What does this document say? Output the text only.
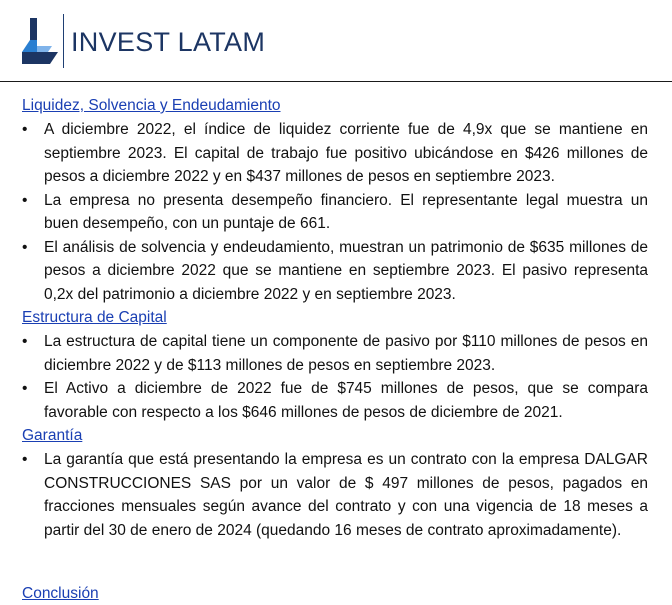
INVEST LATAM
Liquidez, Solvencia y Endeudamiento
•	A diciembre 2022, el índice de liquidez corriente fue de 4,9x que se mantiene en septiembre 2023. El capital de trabajo fue positivo ubicándose en $426 millones de pesos a diciembre 2022 y en $437 millones de pesos en septiembre 2023.
•	La empresa no presenta desempeño financiero. El representante legal muestra un buen desempeño, con un puntaje de 661.
•	El análisis de solvencia y endeudamiento, muestran un patrimonio de $635 millones de pesos a diciembre 2022 que se mantiene en septiembre 2023. El pasivo representa 0,2x del patrimonio a diciembre 2022 y en septiembre 2023.
Estructura de Capital
•	La estructura de capital tiene un componente de pasivo por $110 millones de pesos en diciembre 2022 y de $113 millones de pesos en septiembre 2023.
•	El Activo a diciembre de 2022 fue de $745 millones de pesos, que se compara favorable con respecto a los $646 millones de pesos de diciembre de 2021.
Garantía
•	La garantía que está presentando la empresa es un contrato con la empresa DALGAR CONSTRUCCIONES SAS por un valor de $ 497 millones de pesos, pagados en fracciones mensuales según avance del contrato y con una vigencia de 18 meses a partir del 30 de enero de 2024 (quedando 16 meses de contrato aproximadamente).
Conclusión
